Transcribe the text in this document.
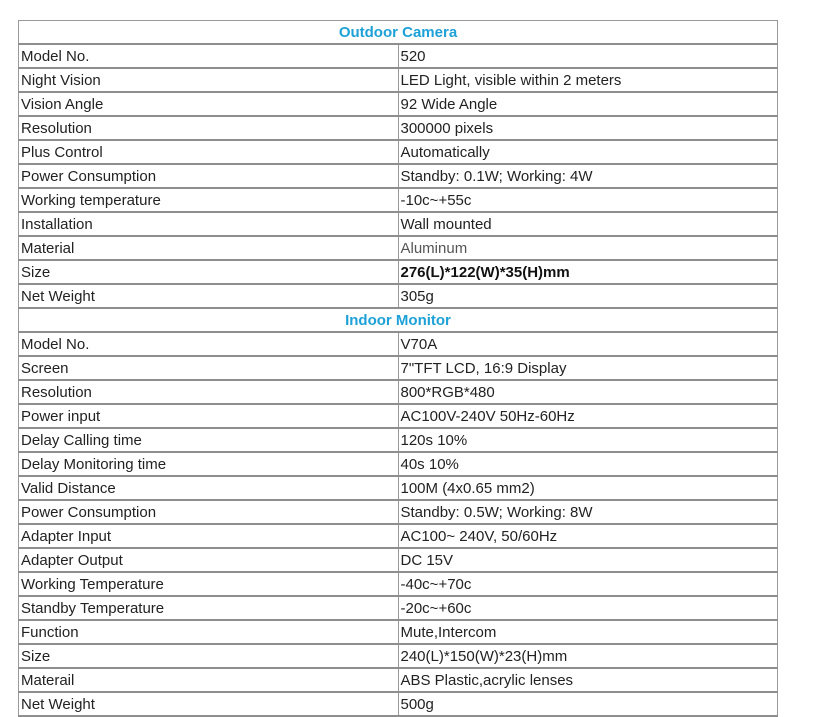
Outdoor Camera	
Model No.	520
Night Vision	LED Light, visible within 2 meters
Vision Angle	92 Wide Angle
Resolution	300000 pixels
Plus Control	Automatically
Power Consumption	Standby: 0.1W; Working: 4W
Working temperature	-10c~+55c
Installation	Wall mounted
Material	Aluminum
Size	276(L)*122(W)*35(H)mm
Net Weight	305g
Indoor Monitor	
Model No.	V70A
Screen	7"TFT LCD, 16:9 Display
Resolution	800*RGB*480
Power input	AC100V-240V 50Hz-60Hz
Delay Calling time	120s 10%
Delay Monitoring time	40s 10%
Valid Distance	100M (4x0.65 mm2)
Power Consumption	Standby: 0.5W; Working: 8W
Adapter Input	AC100~ 240V, 50/60Hz
Adapter Output	DC 15V
Working Temperature	-40c~+70c
Standby Temperature	-20c~+60c
Function	Mute,Intercom
Size	240(L)*150(W)*23(H)mm
Materail	ABS Plastic,acrylic lenses
Net Weight	500g
